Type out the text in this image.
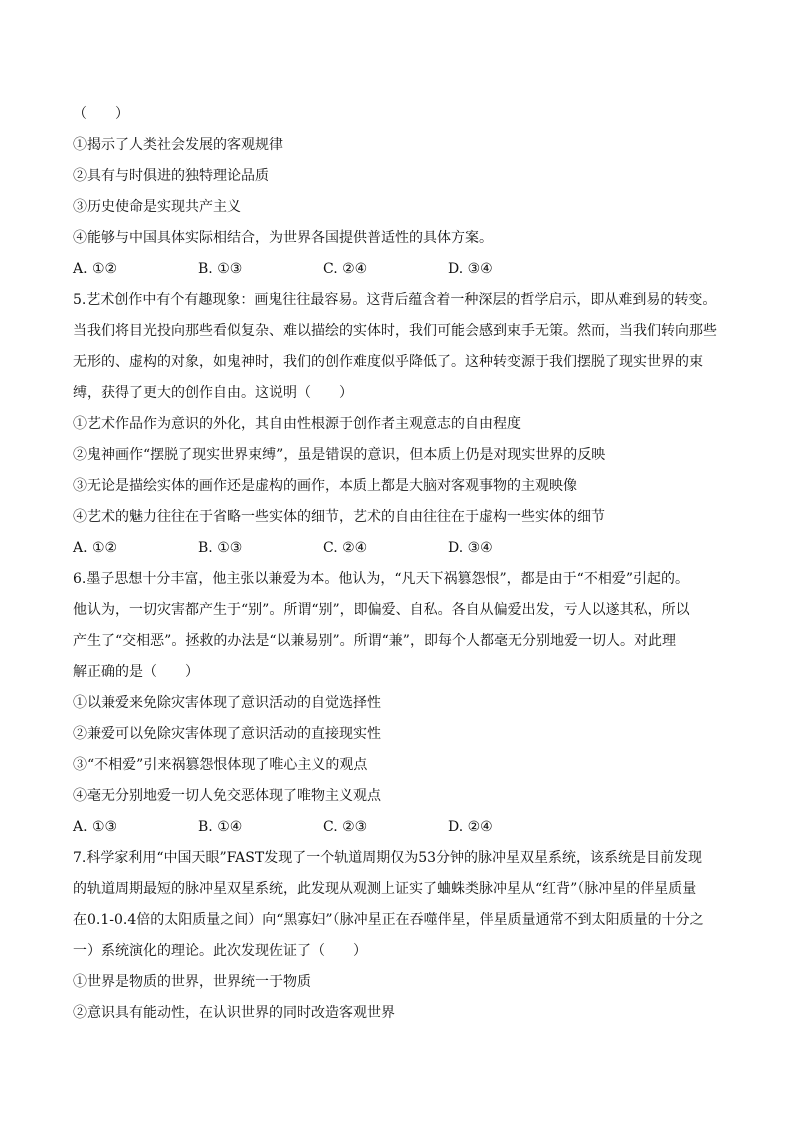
（　　）
①揭示了人类社会发展的客观规律
②具有与时俱进的独特理论品质
③历史使命是实现共产主义
④能够与中国具体实际相结合，为世界各国提供普适性的具体方案。
A. ①②	B. ①③	C. ②④	D. ③④
5.艺术创作中有个有趣现象：画鬼往往最容易。这背后蕴含着一种深层的哲学启示，即从难到易的转变。
当我们将目光投向那些看似复杂、难以描绘的实体时，我们可能会感到束手无策。然而，当我们转向那些
无形的、虚构的对象，如鬼神时，我们的创作难度似乎降低了。这种转变源于我们摆脱了现实世界的束
缚，获得了更大的创作自由。这说明（　　）
①艺术作品作为意识的外化，其自由性根源于创作者主观意志的自由程度
②鬼神画作“摆脱了现实世界束缚”，虽是错误的意识，但本质上仍是对现实世界的反映
③无论是描绘实体的画作还是虚构的画作，本质上都是大脑对客观事物的主观映像
④艺术的魅力往往在于省略一些实体的细节，艺术的自由往往在于虚构一些实体的细节
A. ①②	B. ①③	C. ②④	D. ③④
6.墨子思想十分丰富，他主张以兼爱为本。他认为，“凡天下祸篡怨恨”，都是由于“不相爱”引起的。
他认为，一切灾害都产生于“别”。所谓“别”，即偏爱、自私。各自从偏爱出发，亏人以遂其私，所以
产生了“交相恶”。拯救的办法是“以兼易别”。所谓“兼”，即每个人都毫无分别地爱一切人。对此理
解正确的是（　　）
①以兼爱来免除灾害体现了意识活动的自觉选择性
②兼爱可以免除灾害体现了意识活动的直接现实性
③“不相爱”引来祸篡怨恨体现了唯心主义的观点
④毫无分别地爱一切人免交恶体现了唯物主义观点
A. ①③	B. ①④	C. ②③	D. ②④
7.科学家利用“中国天眼”FAST发现了一个轨道周期仅为53分钟的脉冲星双星系统，该系统是目前发现
的轨道周期最短的脉冲星双星系统，此发现从观测上证实了蛐蛛类脉冲星从“红背”（脉冲星的伴星质量
在0.1-0.4倍的太阳质量之间）向“黑寡妇”（脉冲星正在吞噬伴星，伴星质量通常不到太阳质量的十分之
一）系统演化的理论。此次发现佐证了（　　）
①世界是物质的世界，世界统一于物质
②意识具有能动性，在认识世界的同时改造客观世界
